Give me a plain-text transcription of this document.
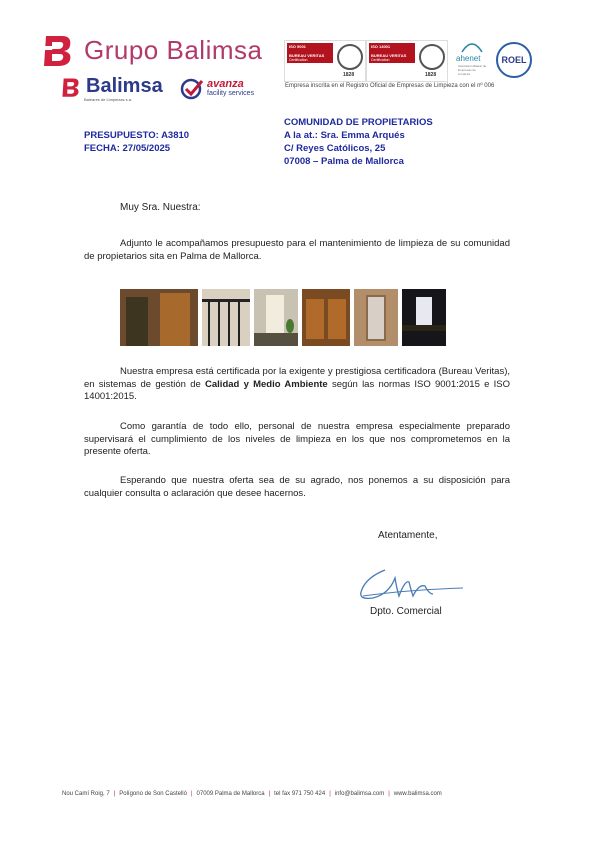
Grupo Balimsa
Balimsa
Baleares de Limpiezas s.a.
avanza
facility services
ISO 9001
BUREAU VERITAS
Certification
1828
ISO 14001
BUREAU VERITAS
Certification
1828
ahenet
Asociación Balear de Empresas de Limpieza
ROEL
Empresa inscrita en el Registro Oficial de Empresas de Limpieza con el nº 006
PRESUPUESTO: A3810
FECHA: 27/05/2025
COMUNIDAD DE PROPIETARIOS
A la at.: Sra. Emma Arqués
C/ Reyes Católicos, 25
07008 – Palma de Mallorca
Muy Sra. Nuestra:
Adjunto le acompañamos presupuesto para el mantenimiento de limpieza de su comunidad de propietarios sita en Palma de Mallorca.
Nuestra empresa está certificada por la exigente y prestigiosa certificadora (Bureau Veritas), en sistemas de gestión de Calidad y Medio Ambiente según las normas ISO 9001:2015 e ISO 14001:2015.
Como garantía de todo ello, personal de nuestra empresa especialmente preparado supervisará el cumplimiento de los niveles de limpieza en los que nos comprometemos en la presente oferta.
Esperando que nuestra oferta sea de su agrado, nos ponemos a su disposición para cualquier consulta o aclaración que desee hacernos.
Atentamente,
Dpto. Comercial
Nou Camí Roig, 7 | Polígono de Son Castelló | 07009 Palma de Mallorca | tel fax 971 750 424 | info@balimsa.com | www.balimsa.com
